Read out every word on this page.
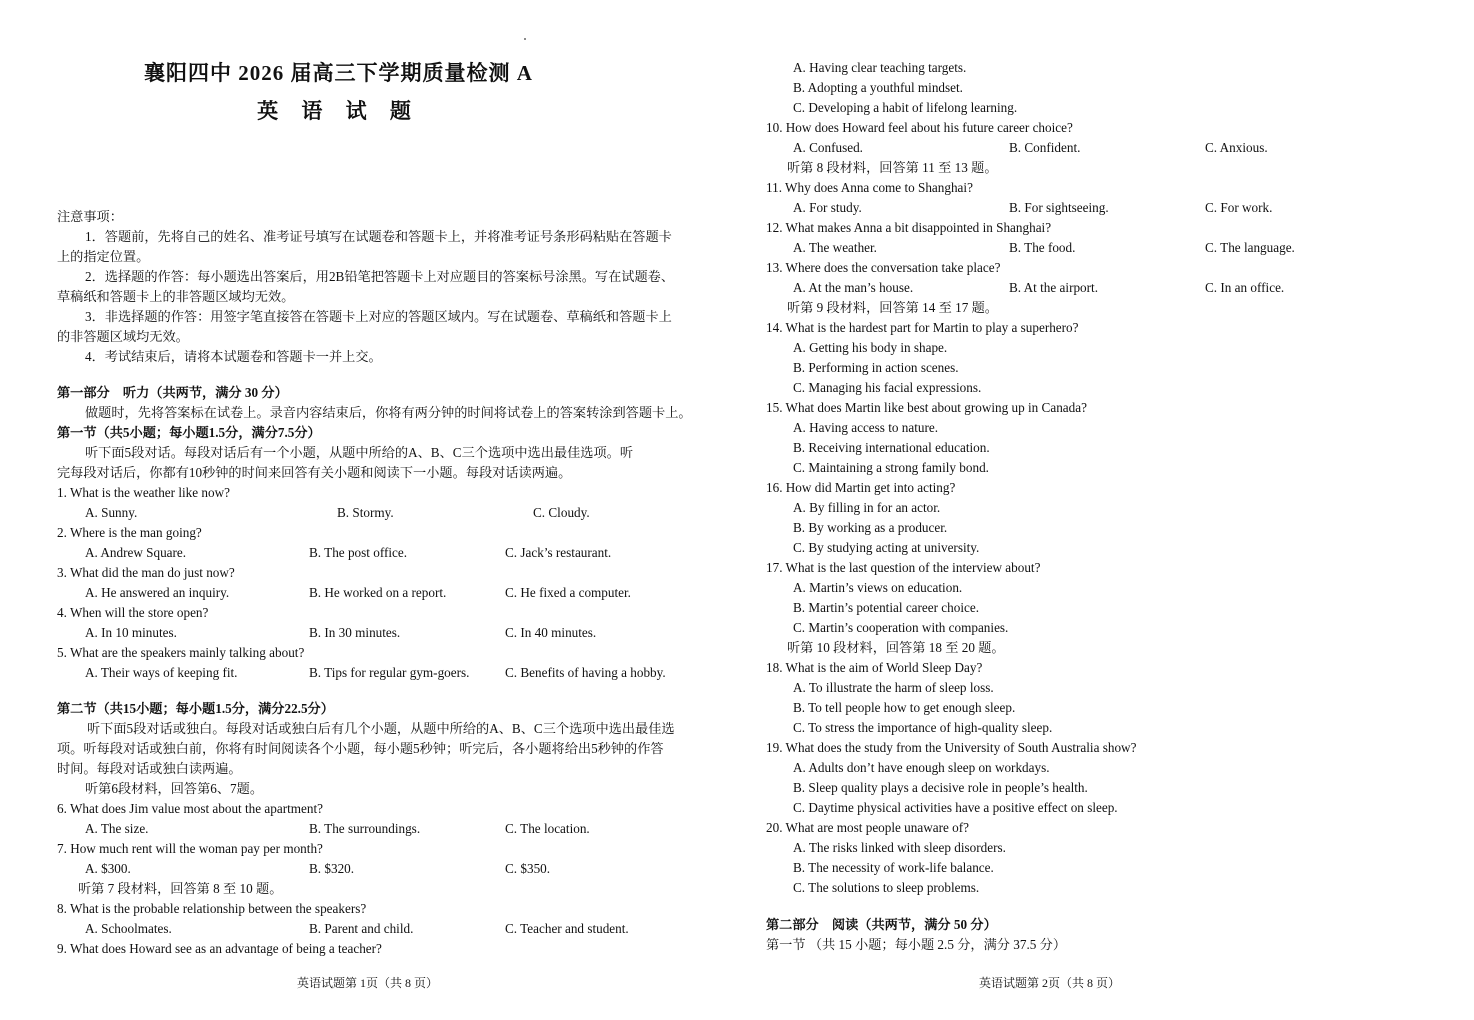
襄阳四中 2026 届高三下学期质量检测 A
英 语 试 题
注意事项：
1．答题前，先将自己的姓名、准考证号填写在试题卷和答题卡上，并将准考证号条形码粘贴在答题卡
上的指定位置。
2．选择题的作答：每小题选出答案后，用2B铅笔把答题卡上对应题目的答案标号涂黑。写在试题卷、
草稿纸和答题卡上的非答题区域均无效。
3．非选择题的作答：用签字笔直接答在答题卡上对应的答题区域内。写在试题卷、草稿纸和答题卡上
的非答题区域均无效。
4．考试结束后，请将本试题卷和答题卡一并上交。
第一部分　听力（共两节，满分 30 分）
做题时，先将答案标在试卷上。录音内容结束后，你将有两分钟的时间将试卷上的答案转涂到答题卡上。
第一节（共5小题；每小题1.5分，满分7.5分）
听下面5段对话。每段对话后有一个小题，从题中所给的A、B、C三个选项中选出最佳选项。听
完每段对话后，你都有10秒钟的时间来回答有关小题和阅读下一小题。每段对话读两遍。
1. What is the weather like now?
A. Sunny.	B. Stormy.	C. Cloudy.
2. Where is the man going?
A. Andrew Square.	B. The post office.	C. Jack’s restaurant.
3. What did the man do just now?
A. He answered an inquiry.	B. He worked on a report.	C. He fixed a computer.
4. When will the store open?
A. In 10 minutes.	B. In 30 minutes.	C. In 40 minutes.
5. What are the speakers mainly talking about?
A. Their ways of keeping fit.	B. Tips for regular gym-goers.	C. Benefits of having a hobby.
第二节（共15小题；每小题1.5分，满分22.5分）
听下面5段对话或独白。每段对话或独白后有几个小题，从题中所给的A、B、C三个选项中选出最佳选
项。听每段对话或独白前，你将有时间阅读各个小题，每小题5秒钟；听完后，各小题将给出5秒钟的作答
时间。每段对话或独白读两遍。
听第6段材料，回答第6、7题。
6. What does Jim value most about the apartment?
A. The size.	B. The surroundings.	C. The location.
7. How much rent will the woman pay per month?
A. $300.	B. $320.	C. $350.
听第 7 段材料，回答第 8 至 10 题。
8. What is the probable relationship between the speakers?
A. Schoolmates.	B. Parent and child.	C. Teacher and student.
9. What does Howard see as an advantage of being a teacher?
英语试题第 1页（共 8 页）
A. Having clear teaching targets.
B. Adopting a youthful mindset.
C. Developing a habit of lifelong learning.
10. How does Howard feel about his future career choice?
A. Confused.	B. Confident.	C. Anxious.
听第 8 段材料，回答第 11 至 13 题。
11. Why does Anna come to Shanghai?
A. For study.	B. For sightseeing.	C. For work.
12. What makes Anna a bit disappointed in Shanghai?
A. The weather.	B. The food.	C. The language.
13. Where does the conversation take place?
A. At the man’s house.	B. At the airport.	C. In an office.
听第 9 段材料，回答第 14 至 17 题。
14. What is the hardest part for Martin to play a superhero?
A. Getting his body in shape.
B. Performing in action scenes.
C. Managing his facial expressions.
15. What does Martin like best about growing up in Canada?
A. Having access to nature.
B. Receiving international education.
C. Maintaining a strong family bond.
16. How did Martin get into acting?
A. By filling in for an actor.
B. By working as a producer.
C. By studying acting at university.
17. What is the last question of the interview about?
A. Martin’s views on education.
B. Martin’s potential career choice.
C. Martin’s cooperation with companies.
听第 10 段材料，回答第 18 至 20 题。
18. What is the aim of World Sleep Day?
A. To illustrate the harm of sleep loss.
B. To tell people how to get enough sleep.
C. To stress the importance of high-quality sleep.
19. What does the study from the University of South Australia show?
A. Adults don’t have enough sleep on workdays.
B. Sleep quality plays a decisive role in people’s health.
C. Daytime physical activities have a positive effect on sleep.
20. What are most people unaware of?
A. The risks linked with sleep disorders.
B. The necessity of work-life balance.
C. The solutions to sleep problems.
第二部分　阅读（共两节，满分 50 分）
第一节 （共 15 小题；每小题 2.5 分，满分 37.5 分）
英语试题第 2页（共 8 页）
